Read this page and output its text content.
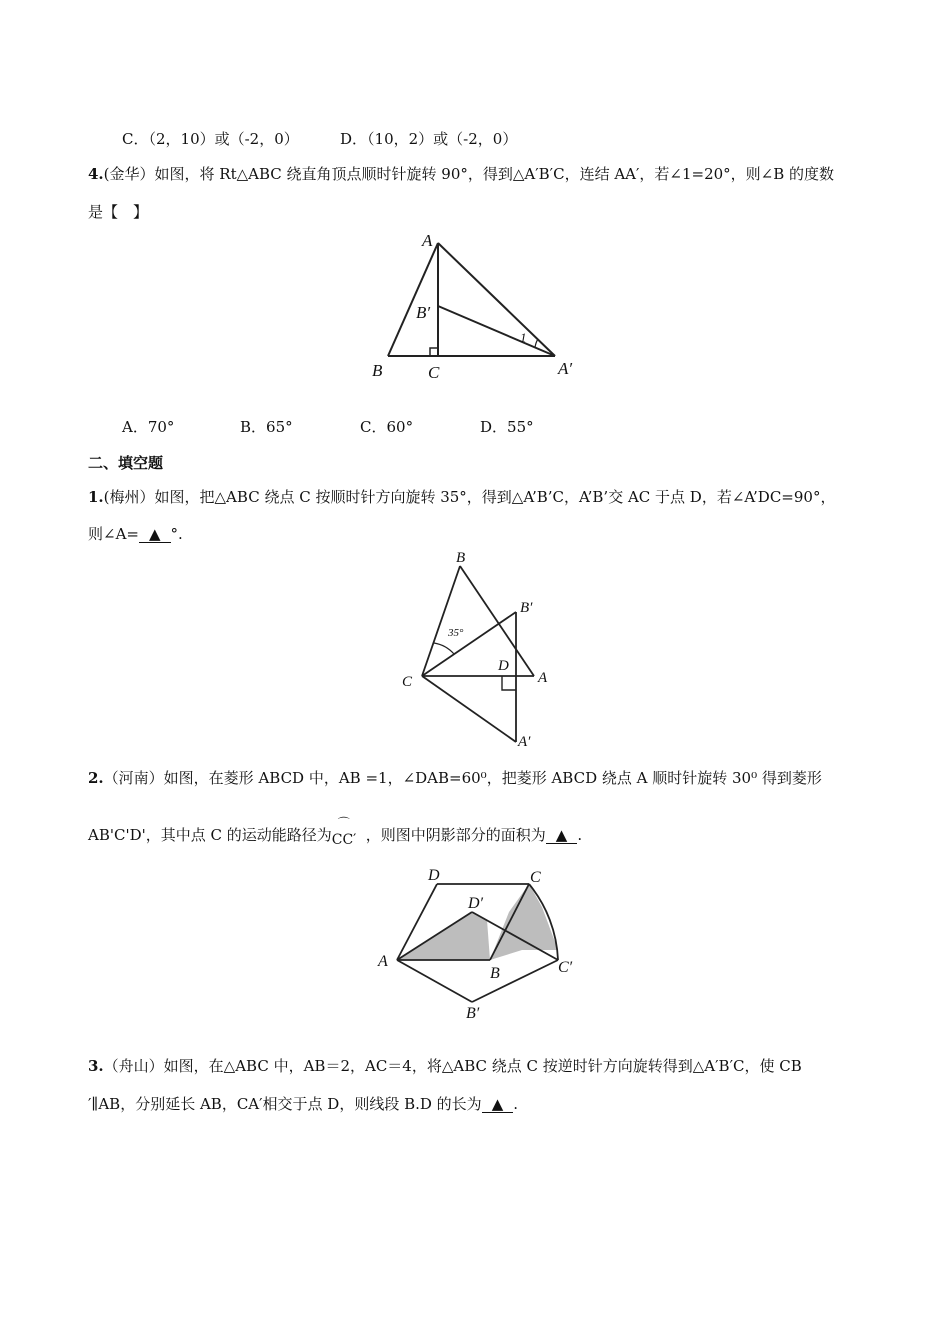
C．（2，10）或（-2，0）	D．（10，2）或（-2，0）
4.(金华）如图，将 Rt△ABC 绕直角顶点顺时针旋转 90°，得到△A′B′C，连结 AA′，若∠1=20°，则∠B 的度数
是【　】
A
B′
1
B	C	A′
A．70°	B．65°	C．60°	D．55°
二、填空题
1.(梅州）如图，把△ABC 绕点 C 按顺时针方向旋转 35°，得到△A’B’C，A’B’交 AC 于点 D，若∠A’DC=90°，
则∠A= ▲ °.
B
B′
35°
C
D
A
A′
2.（河南）如图，在菱形 ABCD 中，AB =1，∠DAB=60⁰，把菱形 ABCD 绕点 A 顺时针旋转 30⁰ 得到菱形
AB'C'D'，其中点 C 的运动能路径为
⌒
CC′ ，则图中阴影部分的面积为 ▲ .
D	C
D′
A
B	C′
B′
3.（舟山）如图，在△ABC 中，AB＝2，AC＝4，将△ABC 绕点 C 按逆时针方向旋转得到△A′B′C，使 CB
′∥AB，分别延长 AB，CA′相交于点 D，则线段 B.D 的长为 ▲ .
